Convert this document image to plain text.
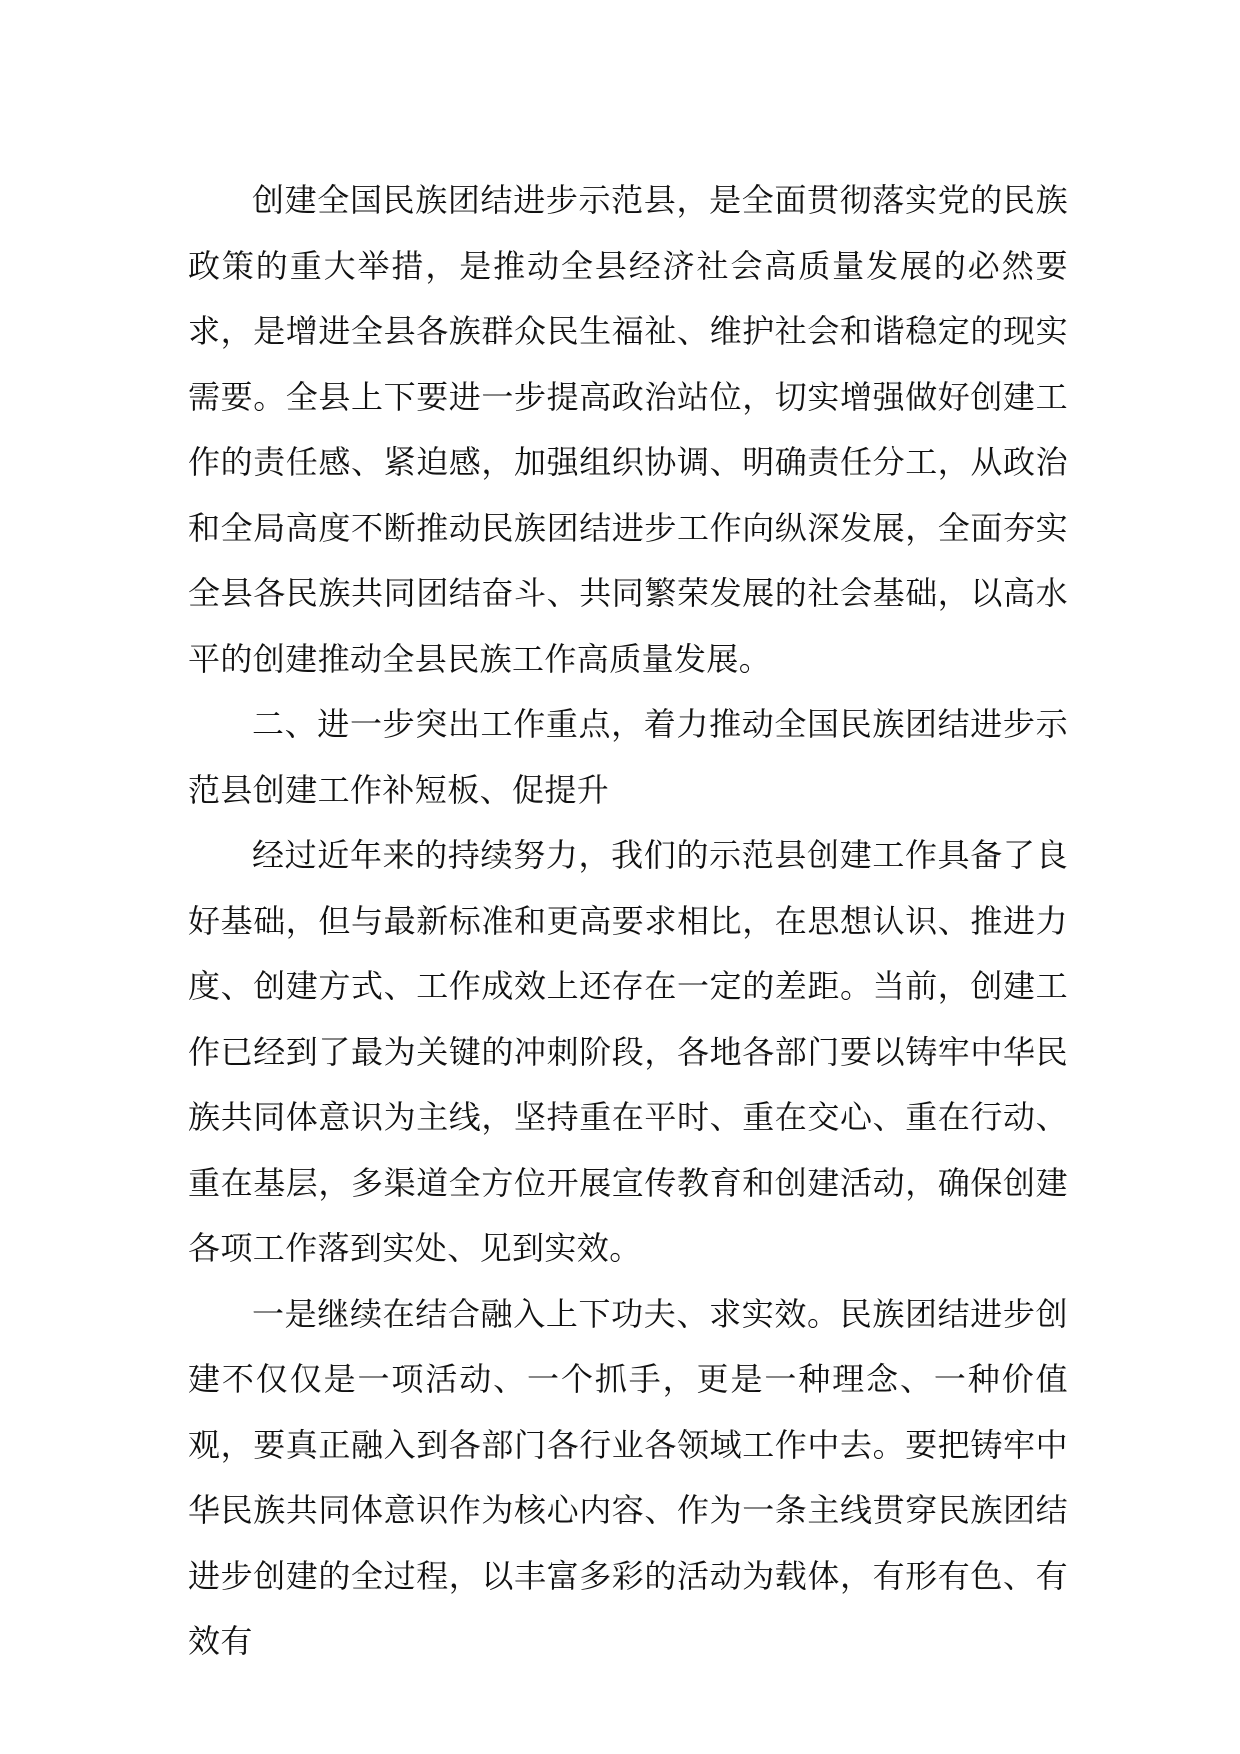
创建全国民族团结进步示范县，是全面贯彻落实党的民族政策的重大举措，是推动全县经济社会高质量发展的必然要求，是增进全县各族群众民生福祉、维护社会和谐稳定的现实需要。全县上下要进一步提高政治站位，切实增强做好创建工作的责任感、紧迫感，加强组织协调、明确责任分工，从政治和全局高度不断推动民族团结进步工作向纵深发展，全面夯实全县各民族共同团结奋斗、共同繁荣发展的社会基础，以高水平的创建推动全县民族工作高质量发展。

二、进一步突出工作重点，着力推动全国民族团结进步示范县创建工作补短板、促提升

经过近年来的持续努力，我们的示范县创建工作具备了良好基础，但与最新标准和更高要求相比，在思想认识、推进力度、创建方式、工作成效上还存在一定的差距。当前，创建工作已经到了最为关键的冲刺阶段，各地各部门要以铸牢中华民族共同体意识为主线，坚持重在平时、重在交心、重在行动、重在基层，多渠道全方位开展宣传教育和创建活动，确保创建各项工作落到实处、见到实效。

一是继续在结合融入上下功夫、求实效。民族团结进步创建不仅仅是一项活动、一个抓手，更是一种理念、一种价值观，要真正融入到各部门各行业各领域工作中去。要把铸牢中华民族共同体意识作为核心内容、作为一条主线贯穿民族团结进步创建的全过程，以丰富多彩的活动为载体，有形有色、有效有
